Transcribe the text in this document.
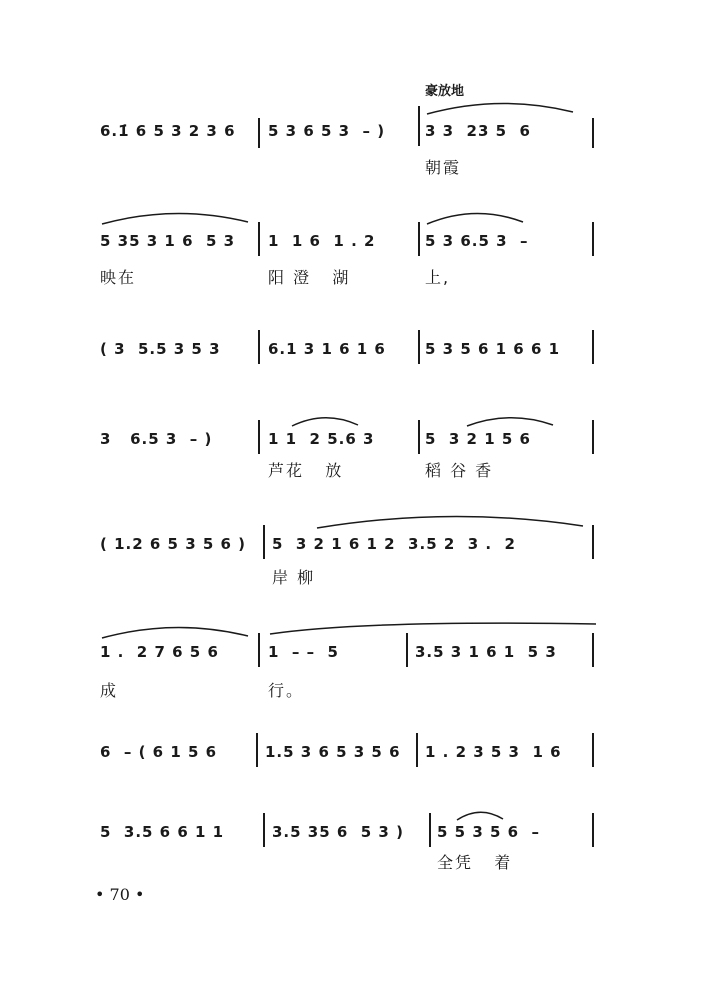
豪放地

6.1̇ 6 5 3 2 3 6

5 3 6 5 3  – )

	3 3  23 5  6

朝霞

5 35 3 1 6  5 3

1  1 6  1 . 2

	5 3 6.5 3  –

映在	阳 澄   湖	上,

( 3  5.5 3 5 3

	6.1 3 1 6 1 6

	5 3 5 6 1 6 6 1

3   6.5 3  – )

	1 1  2 5.6 3

	5  3 2 1 5 6

芦花   放	稻 谷 香

( 1.2 6 5 3 5 6 )

5  3 2 1 6 1 2  3.5 2  3 .  2

岸 柳

1 .  2 7 6 5 6

	1  – –  5

	3.5 3 1 6 1  5 3

成	行。

6  – ( 6 1 5 6

	1.5 3 6 5 3 5 6

1 . 2 3 5 3  1 6

5  3.5 6 6 1 1

	3.5 35 6  5 3 )

5 5 3 5 6  –

全凭   着
• 70 •
